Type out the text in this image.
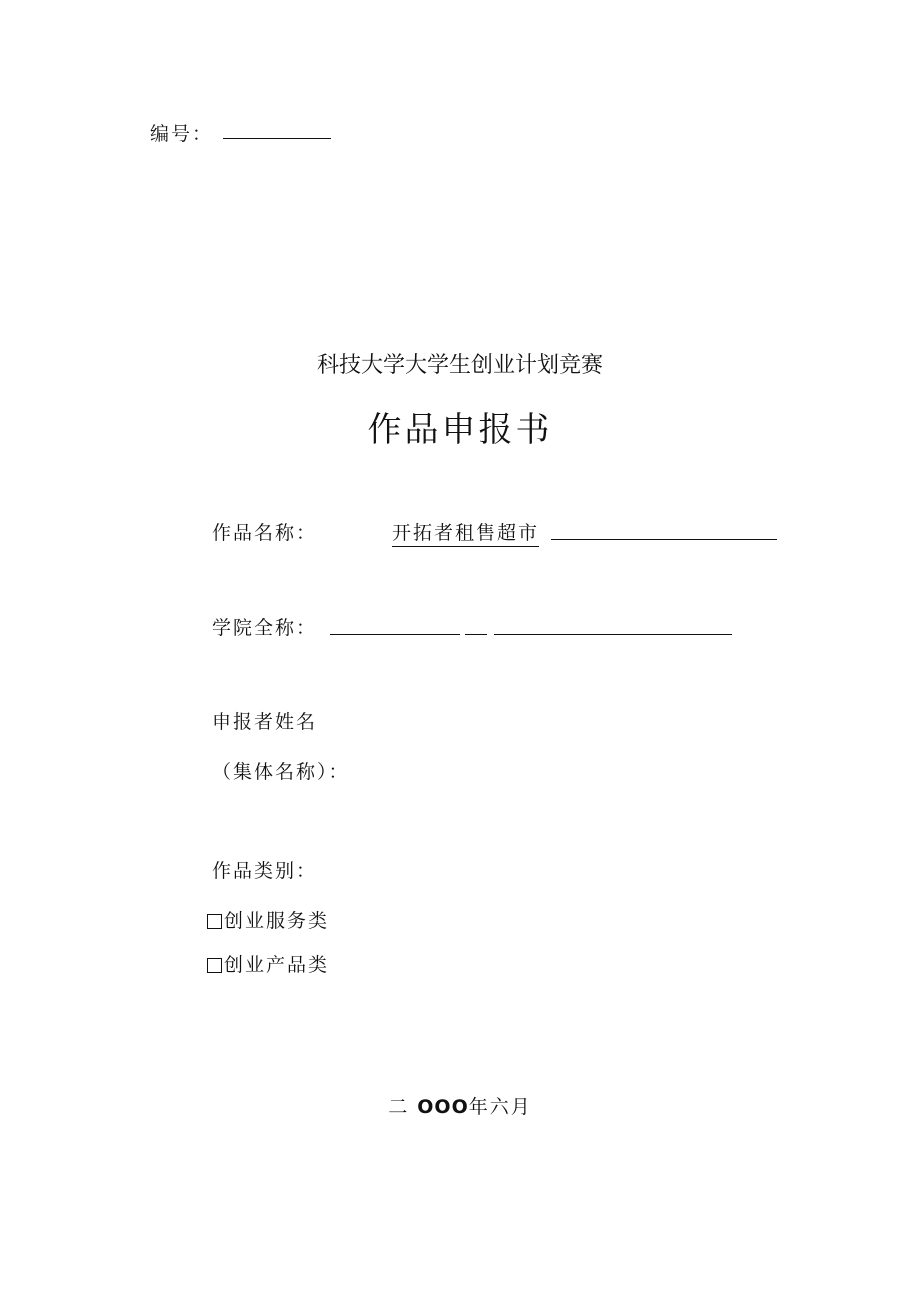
编号：
科技大学大学生创业计划竞赛
作品申报书
作品名称：	开拓者租售超市
学院全称：
申报者姓名
（集体名称）：
作品类别：
创业服务类
创业产品类
二 OOO年六月
